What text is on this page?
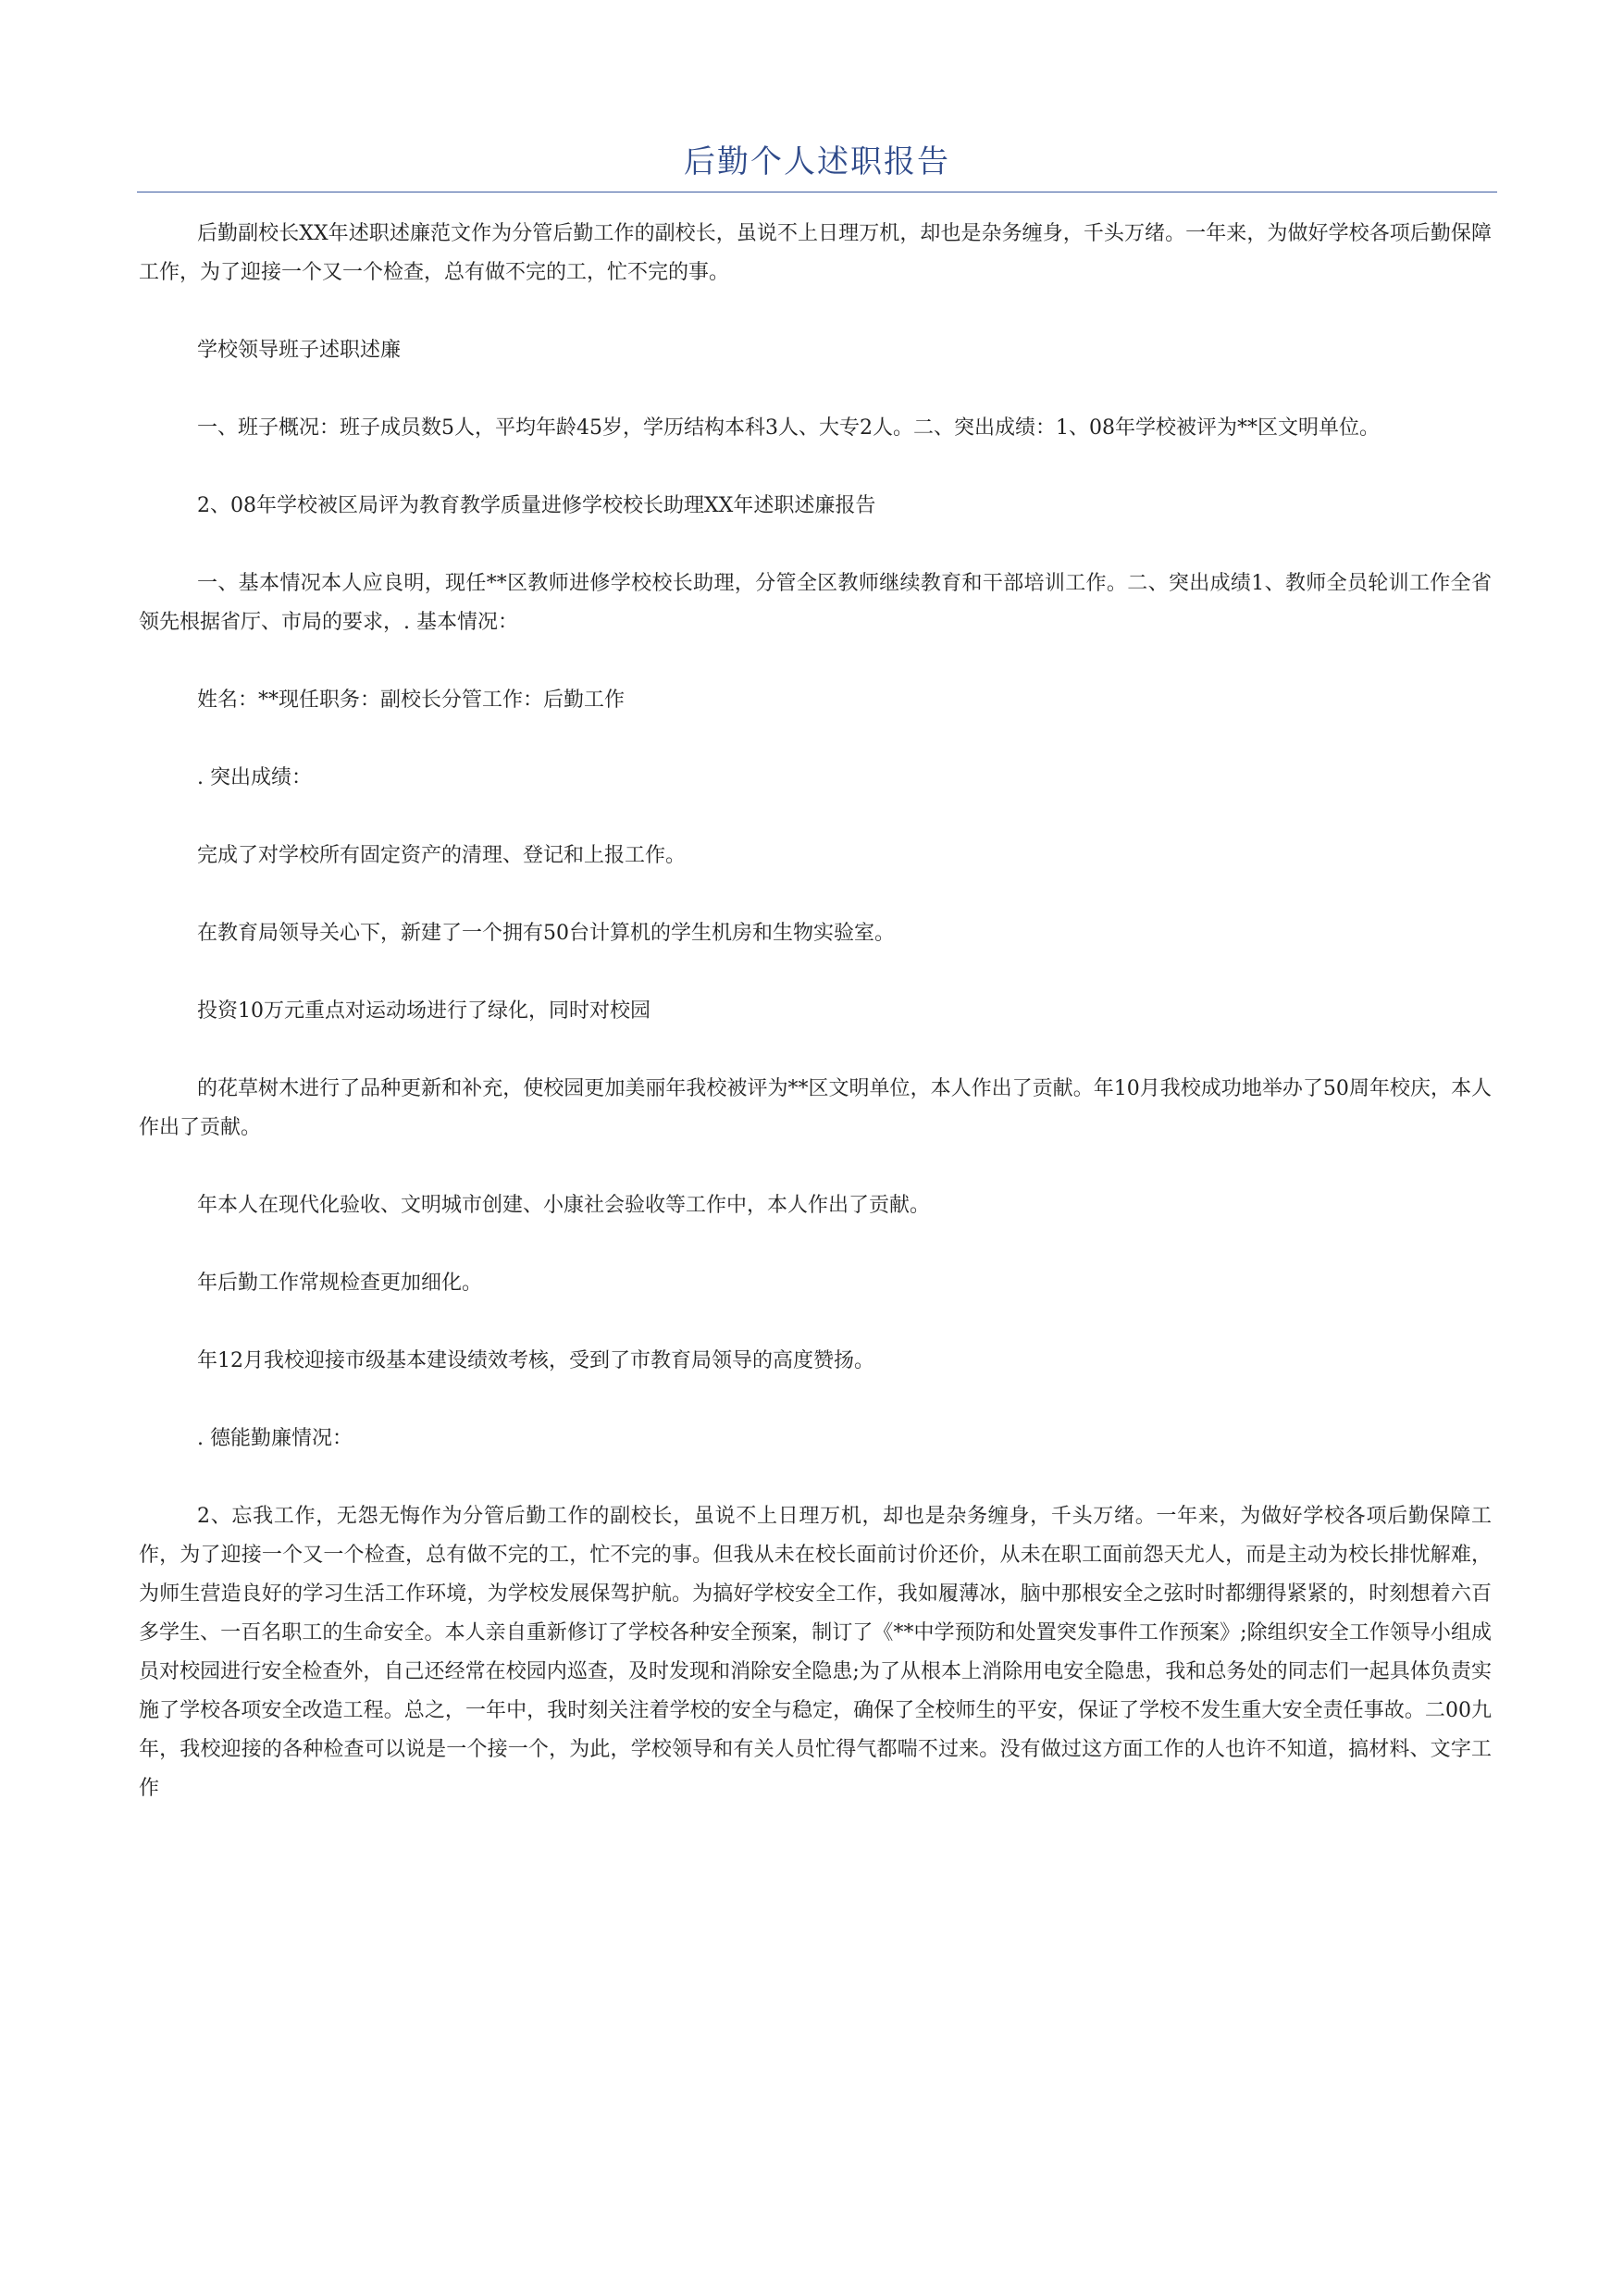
后勤个人述职报告

后勤副校长XX年述职述廉范文作为分管后勤工作的副校长，虽说不上日理万机，却也是杂务缠身，千头万绪。一年来，为做好学校各项后勤保障工作，为了迎接一个又一个检查，总有做不完的工，忙不完的事。

学校领导班子述职述廉

一、班子概况：班子成员数5人，平均年龄45岁，学历结构本科3人、大专2人。二、突出成绩：1、08年学校被评为**区文明单位。

2、08年学校被区局评为教育教学质量进修学校校长助理XX年述职述廉报告

一、基本情况本人应良明，现任**区教师进修学校校长助理，分管全区教师继续教育和干部培训工作。二、突出成绩1、教师全员轮训工作全省领先根据省厅、市局的要求，. 基本情况：

姓名：**现任职务：副校长分管工作：后勤工作

. 突出成绩：

完成了对学校所有固定资产的清理、登记和上报工作。

在教育局领导关心下，新建了一个拥有50台计算机的学生机房和生物实验室。

投资10万元重点对运动场进行了绿化，同时对校园

的花草树木进行了品种更新和补充，使校园更加美丽年我校被评为**区文明单位，本人作出了贡献。年10月我校成功地举办了50周年校庆，本人作出了贡献。

年本人在现代化验收、文明城市创建、小康社会验收等工作中，本人作出了贡献。

年后勤工作常规检查更加细化。

年12月我校迎接市级基本建设绩效考核，受到了市教育局领导的高度赞扬。

. 德能勤廉情况：

2、忘我工作，无怨无悔作为分管后勤工作的副校长，虽说不上日理万机，却也是杂务缠身，千头万绪。一年来，为做好学校各项后勤保障工作，为了迎接一个又一个检查，总有做不完的工，忙不完的事。但我从未在校长面前讨价还价，从未在职工面前怨天尤人，而是主动为校长排忧解难，为师生营造良好的学习生活工作环境，为学校发展保驾护航。为搞好学校安全工作，我如履薄冰，脑中那根安全之弦时时都绷得紧紧的，时刻想着六百多学生、一百名职工的生命安全。本人亲自重新修订了学校各种安全预案，制订了《**中学预防和处置突发事件工作预案》;除组织安全工作领导小组成员对校园进行安全检查外，自己还经常在校园内巡查，及时发现和消除安全隐患;为了从根本上消除用电安全隐患，我和总务处的同志们一起具体负责实施了学校各项安全改造工程。总之，一年中，我时刻关注着学校的安全与稳定，确保了全校师生的平安，保证了学校不发生重大安全责任事故。二00九年，我校迎接的各种检查可以说是一个接一个，为此，学校领导和有关人员忙得气都喘不过来。没有做过这方面工作的人也许不知道，搞材料、文字工作
